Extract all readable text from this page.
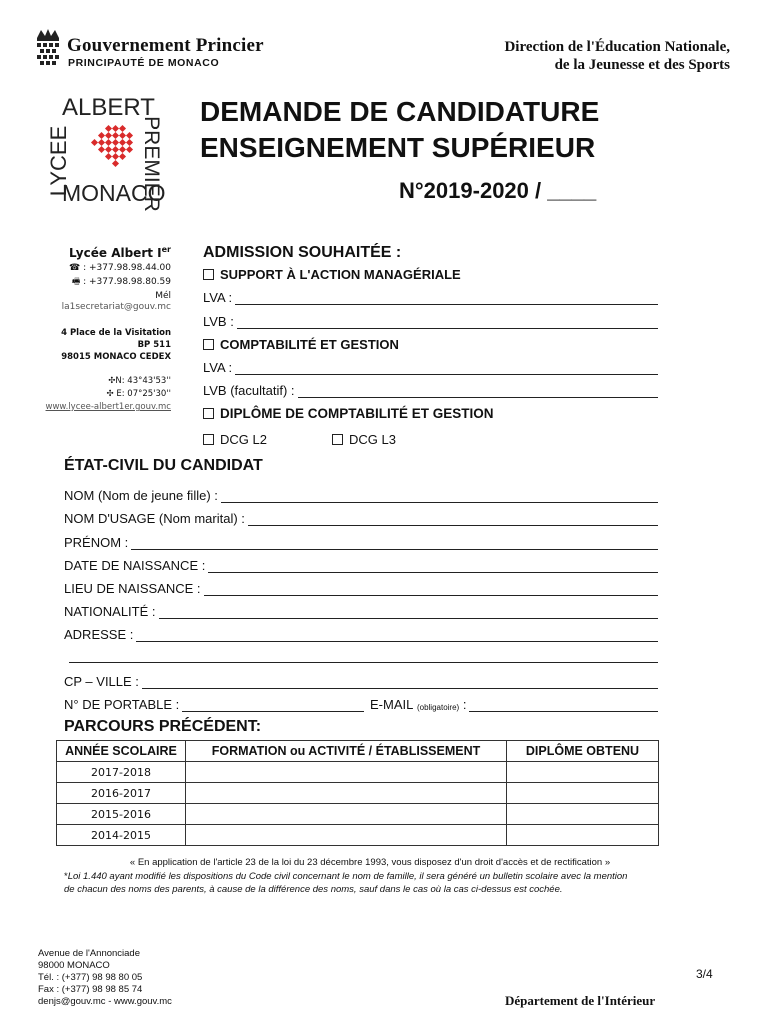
Gouvernement Princier
PRINCIPAUTÉ DE MONACO
Direction de l'Éducation Nationale,
de la Jeunesse et des Sports
ALBERT
PREMIER
LYCEE
MONACO
DEMANDE DE CANDIDATURE
ENSEIGNEMENT SUPÉRIEUR
N°2019-2020 / ____
Lycée Albert Ier
☎ : +377.98.98.44.00
🖷 : +377.98.98.80.59
Mél
la1secretariat@gouv.mc
4 Place de la Visitation
BP 511
98015 MONACO CEDEX
✣N: 43°43'53''
✣ E: 07°25'30''
www.lycee-albert1er.gouv.mc
ADMISSION SOUHAITÉE :
SUPPORT À L'ACTION MANAGÉRIALE
LVA :
LVB :
COMPTABILITÉ ET GESTION
LVA :
LVB (facultatif) :
DIPLÔME DE COMPTABILITÉ ET GESTION
DCG L2	DCG L3
ÉTAT-CIVIL DU CANDIDAT
NOM (Nom de jeune fille) :
NOM D'USAGE (Nom marital) :
PRÉNOM :
DATE DE NAISSANCE :
LIEU DE NAISSANCE :
NATIONALITÉ :
ADRESSE :
CP – VILLE :
N° DE PORTABLE :	E-MAIL
(obligatoire)
:
PARCOURS PRÉCÉDENT:
ANNÉE SCOLAIRE	FORMATION ou ACTIVITÉ / ÉTABLISSEMENT	DIPLÔME OBTENU
2017-2018		
2016-2017		
2015-2016		
2014-2015		
« En application de l'article 23 de la loi du 23 décembre 1993, vous disposez d'un droit d'accès et de rectification »
*Loi 1.440 ayant modifié les dispositions du Code civil concernant le nom de famille, il sera généré un bulletin scolaire avec la mention
de chacun des noms des parents, à cause de la différence des noms, sauf dans le cas où la cas ci-dessus est cochée.
Avenue de l'Annonciade
98000 MONACO
Tél. : (+377) 98 98 80 05
Fax : (+377) 98 98 85 74
denjs@gouv.mc - www.gouv.mc
3/4
Département de l'Intérieur
